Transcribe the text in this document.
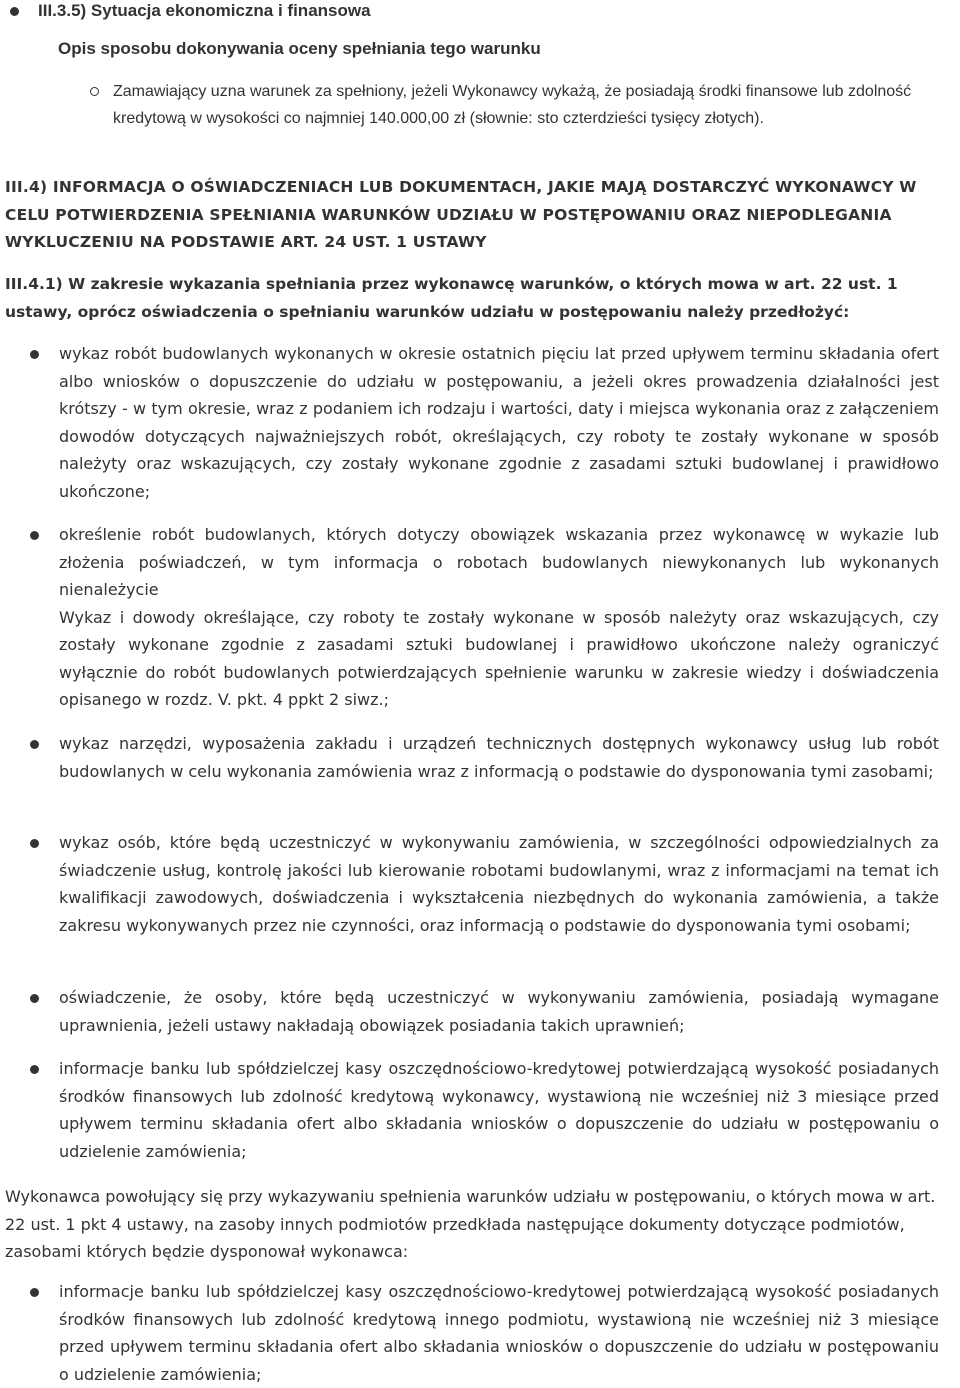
III.3.5) Sytuacja ekonomiczna i finansowa
Opis sposobu dokonywania oceny spełniania tego warunku
Zamawiający uzna warunek za spełniony, jeżeli Wykonawcy wykażą, że posiadają środki finansowe lub zdolność kredytową w wysokości co najmniej 140.000,00 zł (słownie: sto czterdzieści tysięcy złotych).
III.4) INFORMACJA O OŚWIADCZENIACH LUB DOKUMENTACH, JAKIE MAJĄ DOSTARCZYĆ WYKONAWCY W CELU POTWIERDZENIA SPEŁNIANIA WARUNKÓW UDZIAŁU W POSTĘPOWANIU ORAZ NIEPODLEGANIA WYKLUCZENIU NA PODSTAWIE ART. 24 UST. 1 USTAWY
III.4.1) W zakresie wykazania spełniania przez wykonawcę warunków, o których mowa w art. 22 ust. 1 ustawy, oprócz oświadczenia o spełnianiu warunków udziału w postępowaniu należy przedłożyć:
wykaz robót budowlanych wykonanych w okresie ostatnich pięciu lat przed upływem terminu składania ofert albo wniosków o dopuszczenie do udziału w postępowaniu, a jeżeli okres prowadzenia działalności jest krótszy - w tym okresie, wraz z podaniem ich rodzaju i wartości, daty i miejsca wykonania oraz z załączeniem dowodów dotyczących najważniejszych robót, określających, czy roboty te zostały wykonane w sposób należyty oraz wskazujących, czy zostały wykonane zgodnie z zasadami sztuki budowlanej i prawidłowo ukończone;

określenie robót budowlanych, których dotyczy obowiązek wskazania przez wykonawcę w wykazie lub złożenia poświadczeń, w tym informacja o robotach budowlanych niewykonanych lub wykonanych nienależycie

Wykaz i dowody określające, czy roboty te zostały wykonane w sposób należyty oraz wskazujących, czy zostały wykonane zgodnie z zasadami sztuki budowlanej i prawidłowo ukończone należy ograniczyć wyłącznie do robót budowlanych potwierdzających spełnienie warunku w zakresie wiedzy i doświadczenia opisanego w rozdz. V. pkt. 4 ppkt 2 siwz.;

wykaz narzędzi, wyposażenia zakładu i urządzeń technicznych dostępnych wykonawcy usług lub robót budowlanych w celu wykonania zamówienia wraz z informacją o podstawie do dysponowania tymi zasobami;
wykaz osób, które będą uczestniczyć w wykonywaniu zamówienia, w szczególności odpowiedzialnych za świadczenie usług, kontrolę jakości lub kierowanie robotami budowlanymi, wraz z informacjami na temat ich kwalifikacji zawodowych, doświadczenia i wykształcenia niezbędnych do wykonania zamówienia, a także zakresu wykonywanych przez nie czynności, oraz informacją o podstawie do dysponowania tymi osobami;
oświadczenie, że osoby, które będą uczestniczyć w wykonywaniu zamówienia, posiadają wymagane uprawnienia, jeżeli ustawy nakładają obowiązek posiadania takich uprawnień;
informacje banku lub spółdzielczej kasy oszczędnościowo-kredytowej potwierdzającą wysokość posiadanych środków finansowych lub zdolność kredytową wykonawcy, wystawioną nie wcześniej niż 3 miesiące przed upływem terminu składania ofert albo składania wniosków o dopuszczenie do udziału w postępowaniu o udzielenie zamówienia;
Wykonawca powołujący się przy wykazywaniu spełnienia warunków udziału w postępowaniu, o których mowa w art. 22 ust. 1 pkt 4 ustawy, na zasoby innych podmiotów przedkłada następujące dokumenty dotyczące podmiotów, zasobami których będzie dysponował wykonawca:
informacje banku lub spółdzielczej kasy oszczędnościowo-kredytowej potwierdzającą wysokość posiadanych środków finansowych lub zdolność kredytową innego podmiotu, wystawioną nie wcześniej niż 3 miesiące przed upływem terminu składania ofert albo składania wniosków o dopuszczenie do udziału w postępowaniu o udzielenie zamówienia;
